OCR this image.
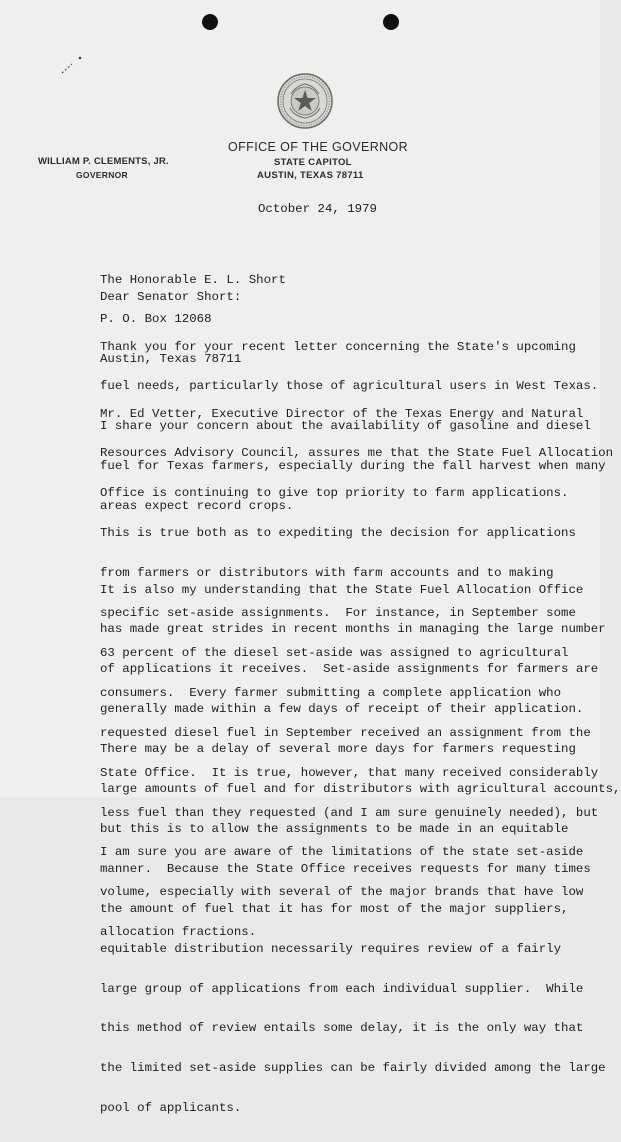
OFFICE OF THE GOVERNOR
STATE CAPITOL
AUSTIN, TEXAS 78711
WILLIAM P. CLEMENTS, JR.
GOVERNOR
October 24, 1979

The Honorable E. L. Short

P. O. Box 12068

Austin, Texas 78711

Dear Senator Short:

Thank you for your recent letter concerning the State's upcoming

fuel needs, particularly those of agricultural users in West Texas.

I share your concern about the availability of gasoline and diesel

fuel for Texas farmers, especially during the fall harvest when many

areas expect record crops.

Mr. Ed Vetter, Executive Director of the Texas Energy and Natural

Resources Advisory Council, assures me that the State Fuel Allocation

Office is continuing to give top priority to farm applications.

This is true both as to expediting the decision for applications

from farmers or distributors with farm accounts and to making

specific set-aside assignments.  For instance, in September some

63 percent of the diesel set-aside was assigned to agricultural

consumers.  Every farmer submitting a complete application who

requested diesel fuel in September received an assignment from the

State Office.  It is true, however, that many received considerably

less fuel than they requested (and I am sure genuinely needed), but

I am sure you are aware of the limitations of the state set-aside

volume, especially with several of the major brands that have low

allocation fractions.

It is also my understanding that the State Fuel Allocation Office

has made great strides in recent months in managing the large number

of applications it receives.  Set-aside assignments for farmers are

generally made within a few days of receipt of their application.

There may be a delay of several more days for farmers requesting

large amounts of fuel and for distributors with agricultural accounts,

but this is to allow the assignments to be made in an equitable

manner.  Because the State Office receives requests for many times

the amount of fuel that it has for most of the major suppliers,

equitable distribution necessarily requires review of a fairly

large group of applications from each individual supplier.  While

this method of review entails some delay, it is the only way that

the limited set-aside supplies can be fairly divided among the large

pool of applicants.
